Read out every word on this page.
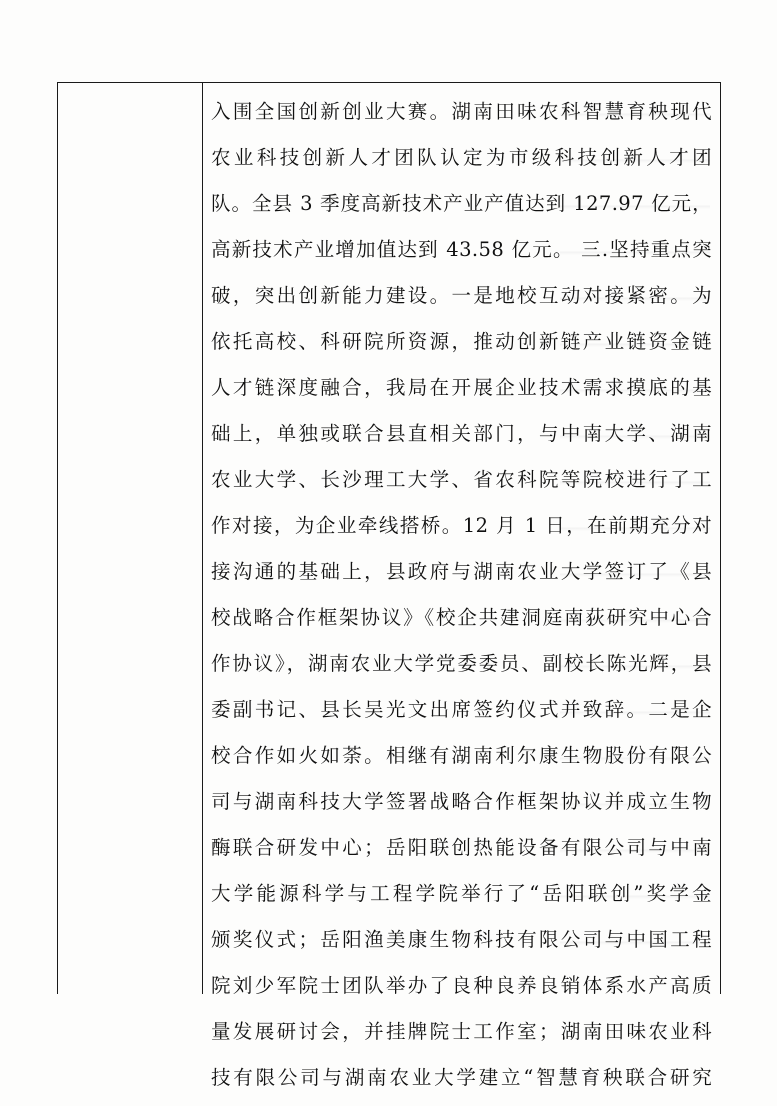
入围全国创新创业大赛。湖南田味农科智慧育秧现代
农业科技创新人才团队认定为市级科技创新人才团
队。全县 3 季度高新技术产业产值达到 127.97 亿元，
高新技术产业增加值达到 43.58 亿元。 三.坚持重点突
破，突出创新能力建设。一是地校互动对接紧密。为
依托高校、科研院所资源，推动创新链产业链资金链
人才链深度融合，我局在开展企业技术需求摸底的基
础上，单独或联合县直相关部门，与中南大学、湖南
农业大学、长沙理工大学、省农科院等院校进行了工
作对接，为企业牵线搭桥。12 月 1 日，在前期充分对
接沟通的基础上，县政府与湖南农业大学签订了《县
校战略合作框架协议》《校企共建洞庭南荻研究中心合
作协议》，湖南农业大学党委委员、副校长陈光辉，县
委副书记、县长吴光文出席签约仪式并致辞。二是企
校合作如火如荼。相继有湖南利尔康生物股份有限公
司与湖南科技大学签署战略合作框架协议并成立生物
酶联合研发中心；岳阳联创热能设备有限公司与中南
大学能源科学与工程学院举行了“岳阳联创”奖学金
颁奖仪式；岳阳渔美康生物科技有限公司与中国工程
院刘少军院士团队举办了良种良养良销体系水产高质
量发展研讨会，并挂牌院士工作室；湖南田味农业科
技有限公司与湖南农业大学建立“智慧育秧联合研究
